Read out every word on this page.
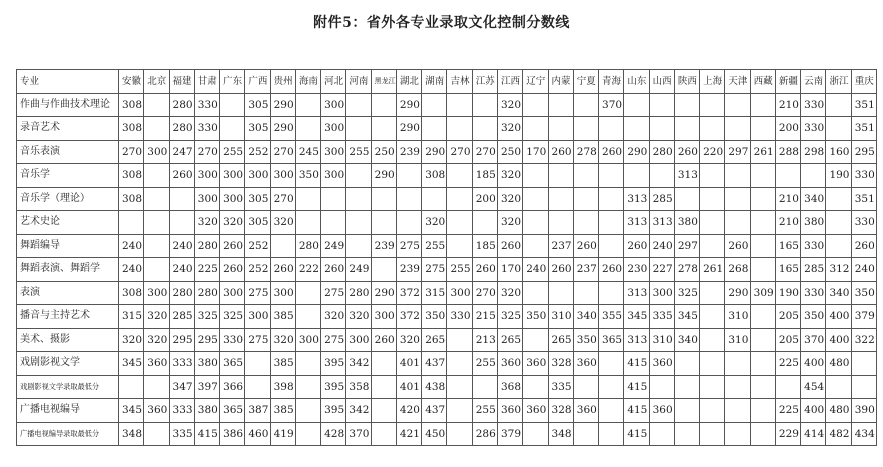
附件5：省外各专业录取文化控制分数线
专业	安徽	北京	福建	甘肃	广东	广西	贵州	海南	河北	河南	黑龙江	湖北	湖南	吉林	江苏	江西	辽宁	内蒙	宁夏	青海	山东	山西	陕西	上海	天津	西藏	新疆	云南	浙江	重庆
作曲与作曲技术理论	308		280	330		305	290		300			290				320				370							210	330		351
录音艺术	308		280	330		305	290		300			290				320											200	330		351
音乐表演	270	300	247	270	255	252	270	245	300	255	250	239	290	270	270	250	170	260	278	260	290	280	260	220	297	261	288	298	160	295
音乐学	308		260	300	300	300	300	350	300		290		308		185	320							313						190	330
音乐学（理论）	308			300	300	305	270								200	320					313	285					210	340		351
艺术史论				320	320	305	320						320			320					313	313	380				210	380		330
舞蹈编导	240		240	280	260	252		280	249		239	275	255		185	260		237	260		260	240	297		260		165	330		260
舞蹈表演、舞蹈学	240		240	225	260	252	260	222	260	249		239	275	255	260	170	240	260	237	260	230	227	278	261	268		165	285	312	240
表演	308	300	280	280	300	275	300		275	280	290	372	315	300	270	320					313	300	325		290	309	190	330	340	350
播音与主持艺术	315	320	285	325	325	300	385		320	320	300	372	350	330	215	325	350	310	340	355	345	335	345		310		205	350	400	379
美术、摄影	320	320	295	295	330	275	320	300	275	300	260	320	265		213	265		265	350	365	313	310	340		310		205	370	400	322
戏剧影视文学	345	360	333	380	365		385		395	342		401	437		255	360	360	328	360		415	360					225	400	480	
戏剧影视文学录取最低分			347	397	366		398		395	358		401	438			368		335			415							454		
广播电视编导	345	360	333	380	365	387	385		395	342		420	437		255	360	360	328	360		415	360					225	400	480	390
广播电视编导录取最低分	348		335	415	386	460	419		428	370		421	450		286	379		348			415						229	414	482	434
